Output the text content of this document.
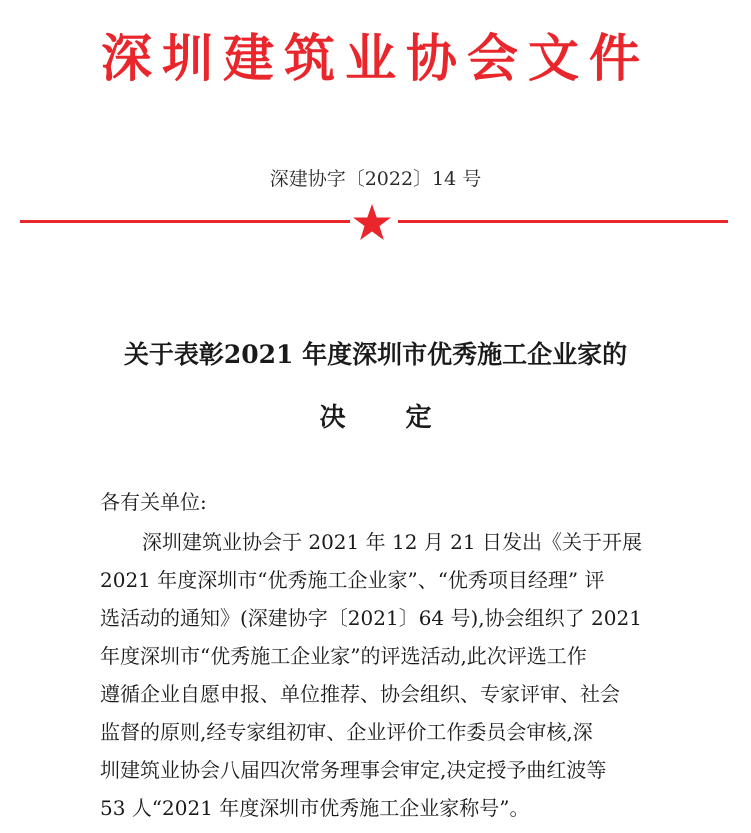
深圳建筑业协会文件
深建协字〔2022〕14 号
关于表彰2021 年度深圳市优秀施工企业家的
决定
各有关单位:
深圳建筑业协会于 2021 年 12 月 21 日发出《关于开展
2021 年度深圳市“优秀施工企业家”、“优秀项目经理” 评
选活动的通知》(深建协字〔2021〕64 号),协会组织了 2021
年度深圳市“优秀施工企业家”的评选活动,此次评选工作
遵循企业自愿申报、单位推荐、协会组织、专家评审、社会
监督的原则,经专家组初审、企业评价工作委员会审核,深
圳建筑业协会八届四次常务理事会审定,决定授予曲红波等
53 人“2021 年度深圳市优秀施工企业家称号”。
